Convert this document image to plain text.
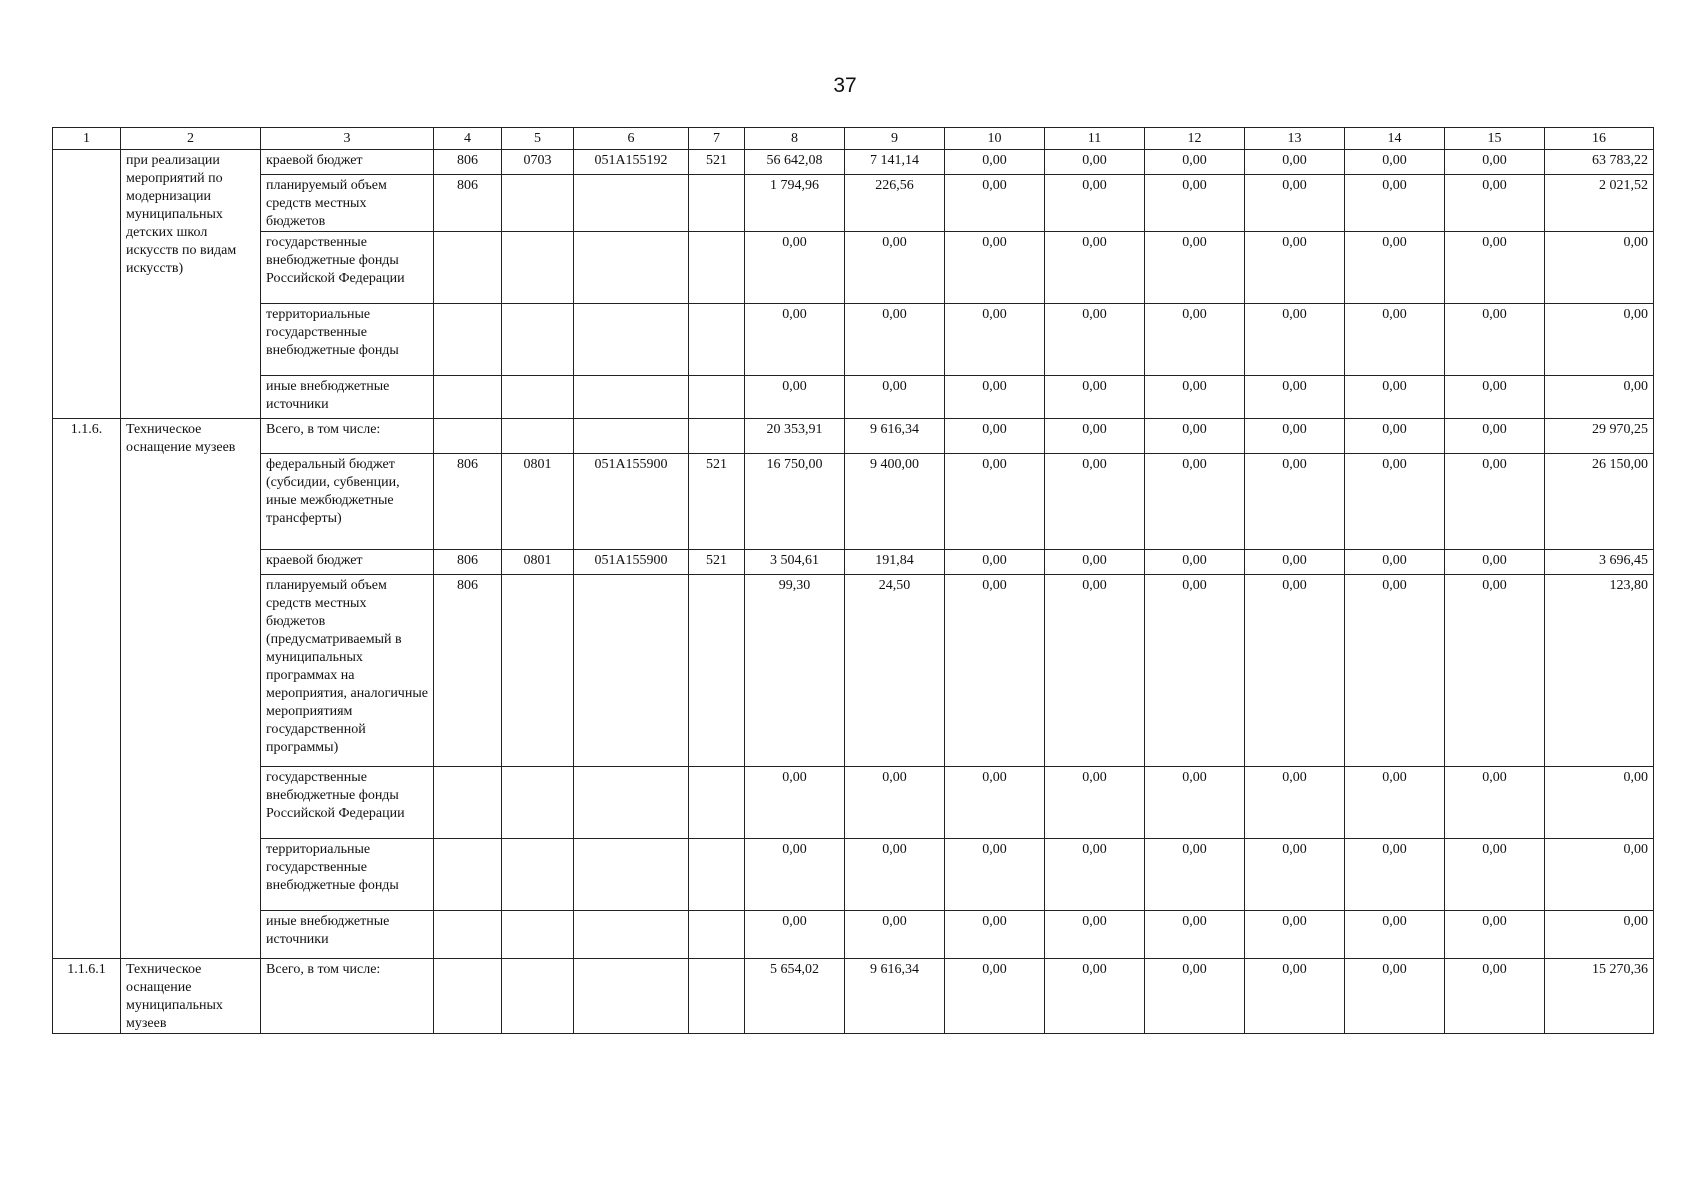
37
1	2	3	4	5	6	7	8	9	10	11	12	13	14	15	16
	при реализации мероприятий по модернизации муниципальных детских школ искусств по видам искусств)	краевой бюджет	806	0703	051A155192	521	56 642,08	7 141,14	0,00	0,00	0,00	0,00	0,00	0,00	63 783,22
		планируемый объем средств местных бюджетов	806				1 794,96	226,56	0,00	0,00	0,00	0,00	0,00	0,00	2 021,52
		государственные внебюджетные фонды Российской Федерации					0,00	0,00	0,00	0,00	0,00	0,00	0,00	0,00	0,00
		территориальные государственные внебюджетные фонды					0,00	0,00	0,00	0,00	0,00	0,00	0,00	0,00	0,00
		иные внебюджетные источники					0,00	0,00	0,00	0,00	0,00	0,00	0,00	0,00	0,00
1.1.6.	Техническое оснащение музеев	Всего, в том числе:					20 353,91	9 616,34	0,00	0,00	0,00	0,00	0,00	0,00	29 970,25
		федеральный бюджет (субсидии, субвенции, иные межбюджетные трансферты)	806	0801	051A155900	521	16 750,00	9 400,00	0,00	0,00	0,00	0,00	0,00	0,00	26 150,00
		краевой бюджет	806	0801	051A155900	521	3 504,61	191,84	0,00	0,00	0,00	0,00	0,00	0,00	3 696,45
		планируемый объем средств местных бюджетов (предусматриваемый в муниципальных программах на мероприятия, аналогичные мероприятиям государственной программы)	806				99,30	24,50	0,00	0,00	0,00	0,00	0,00	0,00	123,80
		государственные внебюджетные фонды Российской Федерации					0,00	0,00	0,00	0,00	0,00	0,00	0,00	0,00	0,00
		территориальные государственные внебюджетные фонды					0,00	0,00	0,00	0,00	0,00	0,00	0,00	0,00	0,00
		иные внебюджетные источники					0,00	0,00	0,00	0,00	0,00	0,00	0,00	0,00	0,00
1.1.6.1	Техническое оснащение муниципальных музеев	Всего, в том числе:					5 654,02	9 616,34	0,00	0,00	0,00	0,00	0,00	0,00	15 270,36
